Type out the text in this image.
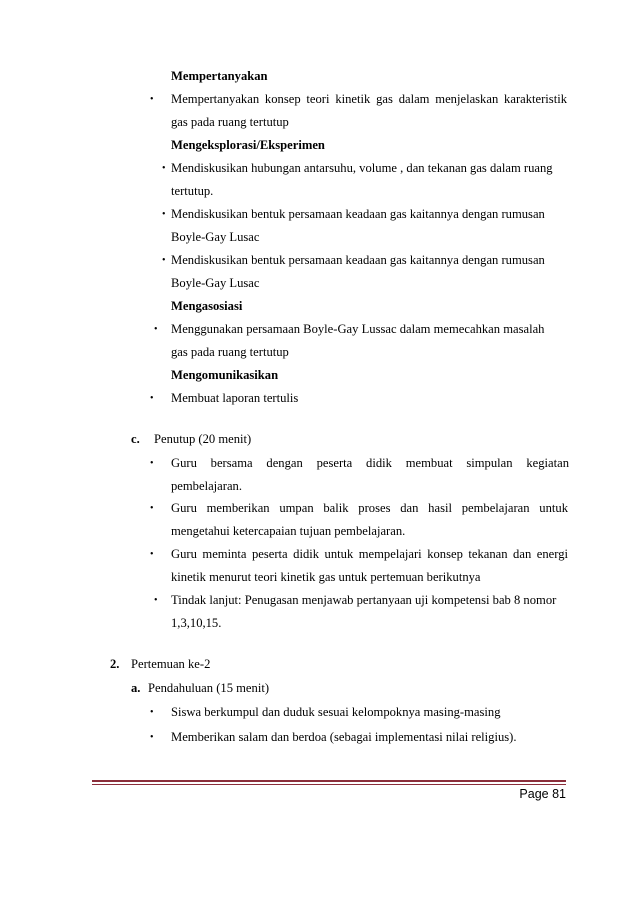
Mempertanyakan
• Mempertanyakan konsep teori kinetik gas dalam menjelaskan karakteristik
gas pada ruang tertutup
Mengeksplorasi/Eksperimen
• Mendiskusikan hubungan antarsuhu, volume , dan tekanan gas dalam ruang
tertutup.
• Mendiskusikan bentuk persamaan keadaan gas kaitannya dengan rumusan
Boyle-Gay Lusac
• Mendiskusikan bentuk persamaan keadaan gas kaitannya dengan rumusan
Boyle-Gay Lusac
Mengasosiasi
• Menggunakan persamaan Boyle-Gay Lussac dalam memecahkan masalah
gas pada ruang tertutup
Mengomunikasikan
• Membuat laporan tertulis
c. Penutup (20 menit)
• Guru bersama dengan peserta didik membuat simpulan kegiatan
pembelajaran.
• Guru memberikan umpan balik proses dan hasil pembelajaran untuk
mengetahui ketercapaian tujuan pembelajaran.
• Guru meminta peserta didik untuk mempelajari konsep tekanan dan energi
kinetik menurut teori kinetik gas untuk pertemuan berikutnya
• Tindak lanjut: Penugasan menjawab pertanyaan uji kompetensi bab 8 nomor
1,3,10,15.
2. Pertemuan ke-2
a. Pendahuluan (15 menit)
• Siswa berkumpul dan duduk sesuai kelompoknya masing-masing
• Memberikan salam dan berdoa (sebagai implementasi nilai religius).
Page 81
